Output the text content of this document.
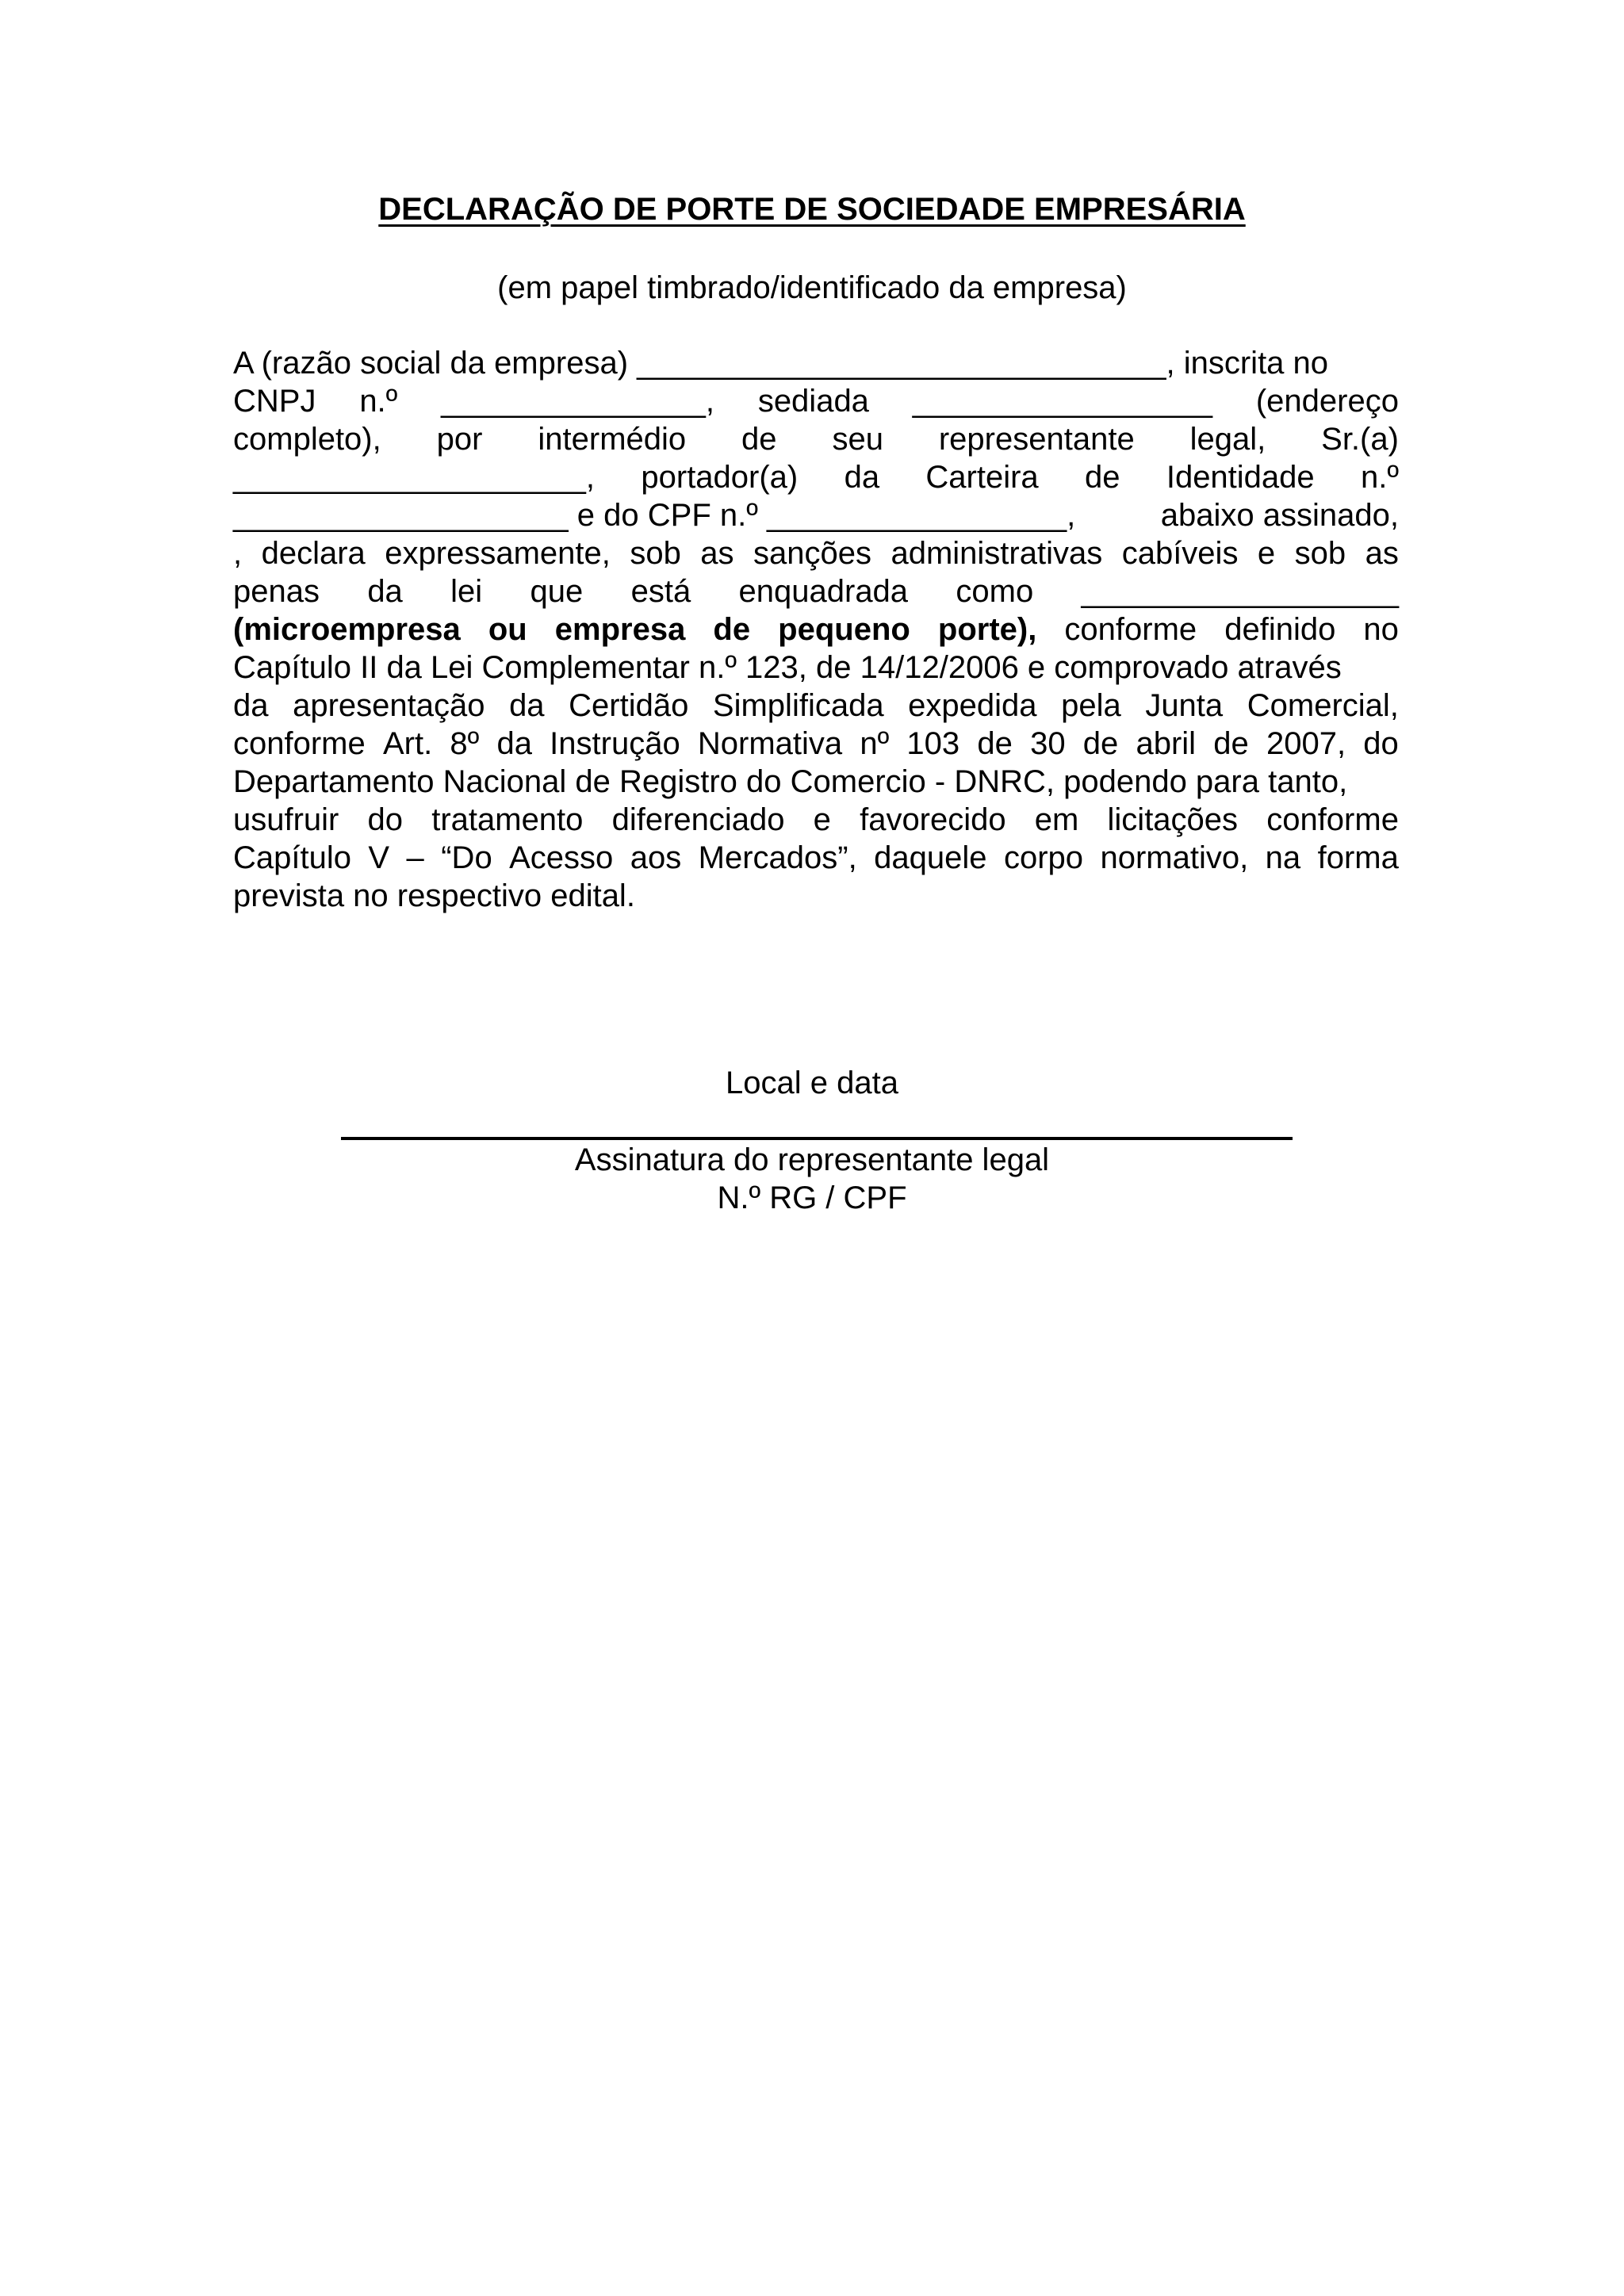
DECLARAÇÃO DE PORTE DE SOCIEDADE EMPRESÁRIA
(em papel timbrado/identificado da empresa)
A (razão social da empresa) ______________________________, inscrita no
CNPJ n.º _______________, sediada _________________ (endereço
completo), por intermédio de seu representante legal, Sr.(a)
____________________, portador(a) da Carteira de Identidade n.º
___________________ e do CPF n.º _________________,	abaixo assinado,
, declara expressamente, sob as sanções administrativas cabíveis e sob as
penas da lei que está enquadrada como __________________
(microempresa ou empresa de pequeno porte), conforme definido no
Capítulo II da Lei Complementar n.º 123, de 14/12/2006 e comprovado através
da apresentação da Certidão Simplificada expedida pela Junta Comercial,
conforme Art. 8º da Instrução Normativa nº 103 de 30 de abril de 2007, do
Departamento Nacional de Registro do Comercio - DNRC, podendo para tanto,
usufruir do tratamento diferenciado e favorecido em licitações conforme
Capítulo V – “Do Acesso aos Mercados”, daquele corpo normativo, na forma
prevista no respectivo edital.
Local e data
Assinatura do representante legal
N.º RG / CPF
